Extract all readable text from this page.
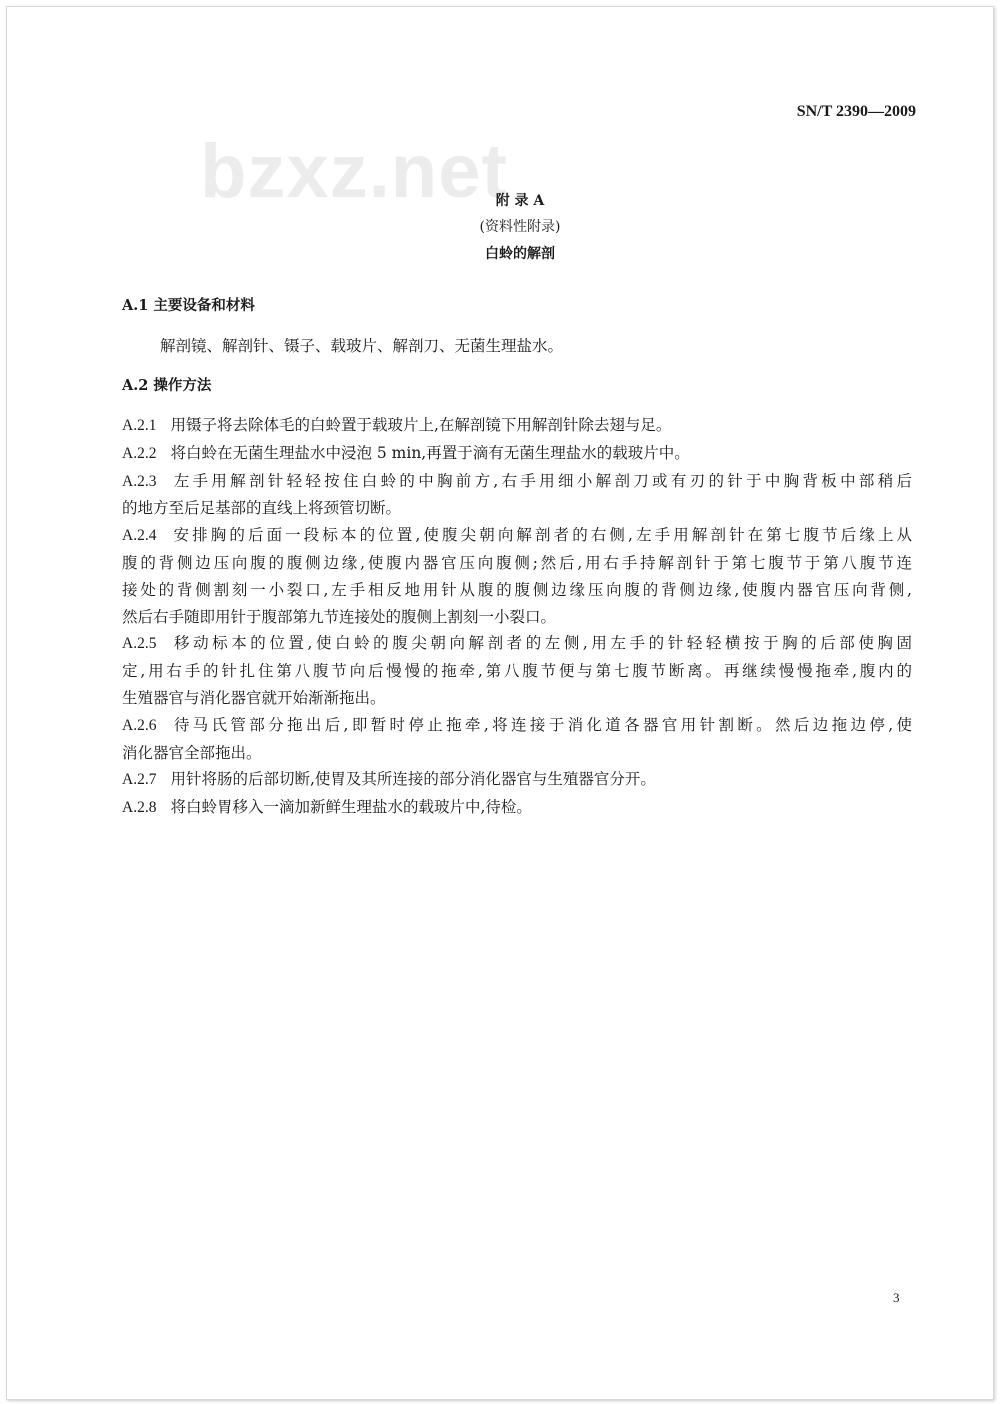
bzxz.net
SN/T 2390—2009
附 录 A
(资料性附录)
白蛉的解剖
A.1 主要设备和材料
解剖镜、解剖针、镊子、载玻片、解剖刀、无菌生理盐水。
A.2 操作方法
A.2.1 用镊子将去除体毛的白蛉置于载玻片上,在解剖镜下用解剖针除去翅与足。
A.2.2 将白蛉在无菌生理盐水中浸泡 5 min,再置于滴有无菌生理盐水的载玻片中。
A.2.3 左手用解剖针轻轻按住白蛉的中胸前方,右手用细小解剖刀或有刃的针于中胸背板中部稍后
的地方至后足基部的直线上将颈管切断。
A.2.4 安排胸的后面一段标本的位置,使腹尖朝向解剖者的右侧,左手用解剖针在第七腹节后缘上从
腹的背侧边压向腹的腹侧边缘,使腹内器官压向腹侧;然后,用右手持解剖针于第七腹节于第八腹节连
接处的背侧割刻一小裂口,左手相反地用针从腹的腹侧边缘压向腹的背侧边缘,使腹内器官压向背侧,
然后右手随即用针于腹部第九节连接处的腹侧上割刻一小裂口。
A.2.5 移动标本的位置,使白蛉的腹尖朝向解剖者的左侧,用左手的针轻轻横按于胸的后部使胸固
定,用右手的针扎住第八腹节向后慢慢的拖牵,第八腹节便与第七腹节断离。再继续慢慢拖牵,腹内的
生殖器官与消化器官就开始渐渐拖出。
A.2.6 待马氏管部分拖出后,即暂时停止拖牵,将连接于消化道各器官用针割断。然后边拖边停,使
消化器官全部拖出。
A.2.7 用针将肠的后部切断,使胃及其所连接的部分消化器官与生殖器官分开。
A.2.8 将白蛉胃移入一滴加新鲜生理盐水的载玻片中,待检。
3
